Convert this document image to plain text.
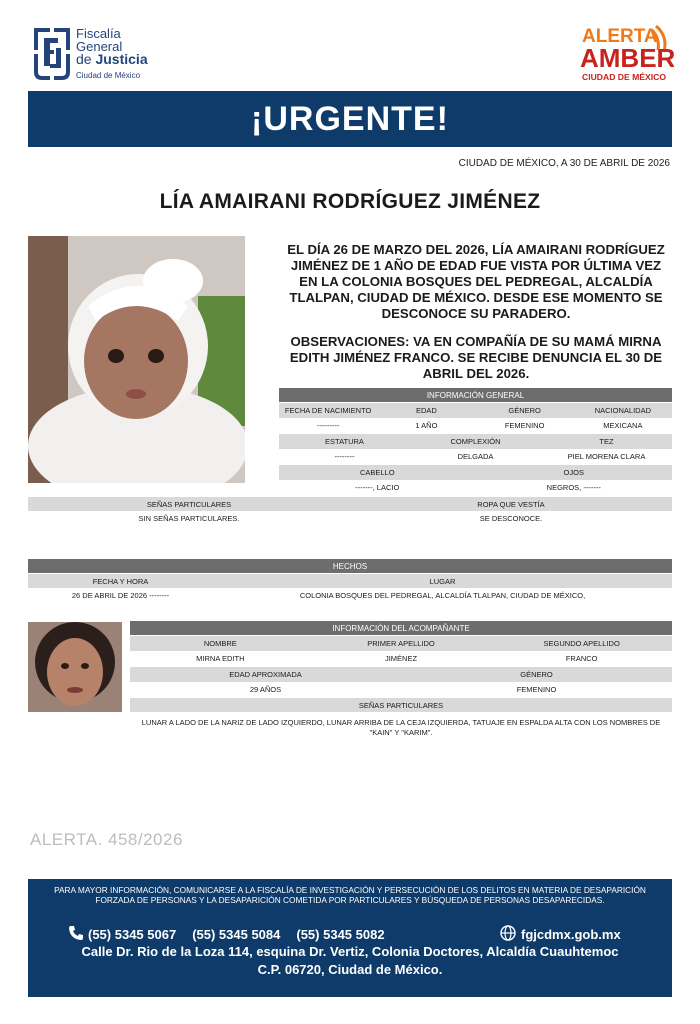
Fiscalía
General
de Justicia
Ciudad de México
ALERTA
AMBER
CIUDAD DE MÉXICO
¡URGENTE!
CIUDAD DE MÉXICO, A 30 DE ABRIL DE 2026
LÍA AMAIRANI RODRÍGUEZ JIMÉNEZ
EL DÍA 26 DE MARZO DEL 2026, LÍA AMAIRANI RODRÍGUEZ JIMÉNEZ DE 1 AÑO DE EDAD FUE VISTA POR ÚLTIMA VEZ EN LA COLONIA BOSQUES DEL PEDREGAL, ALCALDÍA TLALPAN, CIUDAD DE MÉXICO. DESDE ESE MOMENTO SE DESCONOCE SU PARADERO.
OBSERVACIONES: VA EN COMPAÑÍA DE SU MAMÁ MIRNA EDITH JIMÉNEZ FRANCO. SE RECIBE DENUNCIA EL 30 DE ABRIL DEL 2026.
INFORMACIÓN GENERAL
FECHA DE NACIMIENTO	EDAD	GÉNERO	NACIONALIDAD
---------	1 AÑO	FEMENINO	MEXICANA
ESTATURA	COMPLEXIÓN	TEZ
--------	DELGADA	PIEL MORENA CLARA
CABELLO	OJOS
-------, LACIO	NEGROS, -------
SEÑAS PARTICULARES	ROPA QUE VESTÍA
SIN SEÑAS PARTICULARES.	SE DESCONOCE.
HECHOS
FECHA Y HORA	LUGAR
26 DE ABRIL DE 2026 --------	COLONIA BOSQUES DEL PEDREGAL, ALCALDÍA TLALPAN, CIUDAD DE MÉXICO,
INFORMACIÓN DEL ACOMPAÑANTE
NOMBRE	PRIMER APELLIDO	SEGUNDO APELLIDO
MIRNA EDITH	JIMÉNEZ	FRANCO
EDAD APROXIMADA	GÉNERO
29 AÑOS	FEMENINO
SEÑAS PARTICULARES
LUNAR A LADO DE LA NARIZ DE LADO IZQUIERDO, LUNAR ARRIBA DE LA CEJA IZQUIERDA, TATUAJE EN ESPALDA ALTA CON LOS NOMBRES DE "KAIN" Y "KARIM".
ALERTA. 458/2026
PARA MAYOR INFORMACIÓN, COMUNICARSE A LA FISCALÍA DE INVESTIGACIÓN Y PERSECUCIÓN DE LOS DELITOS EN MATERIA DE DESAPARICIÓN FORZADA DE PERSONAS Y LA DESAPARICIÓN COMETIDA POR PARTICULARES Y BÚSQUEDA DE PERSONAS DESAPARECIDAS.
(55) 5345 5067 (55) 5345 5084 (55) 5345 5082	fgjcdmx.gob.mx
Calle Dr. Rio de la Loza 114, esquina Dr. Vertiz, Colonia Doctores, Alcaldía Cuauhtemoc
C.P. 06720, Ciudad de México.
